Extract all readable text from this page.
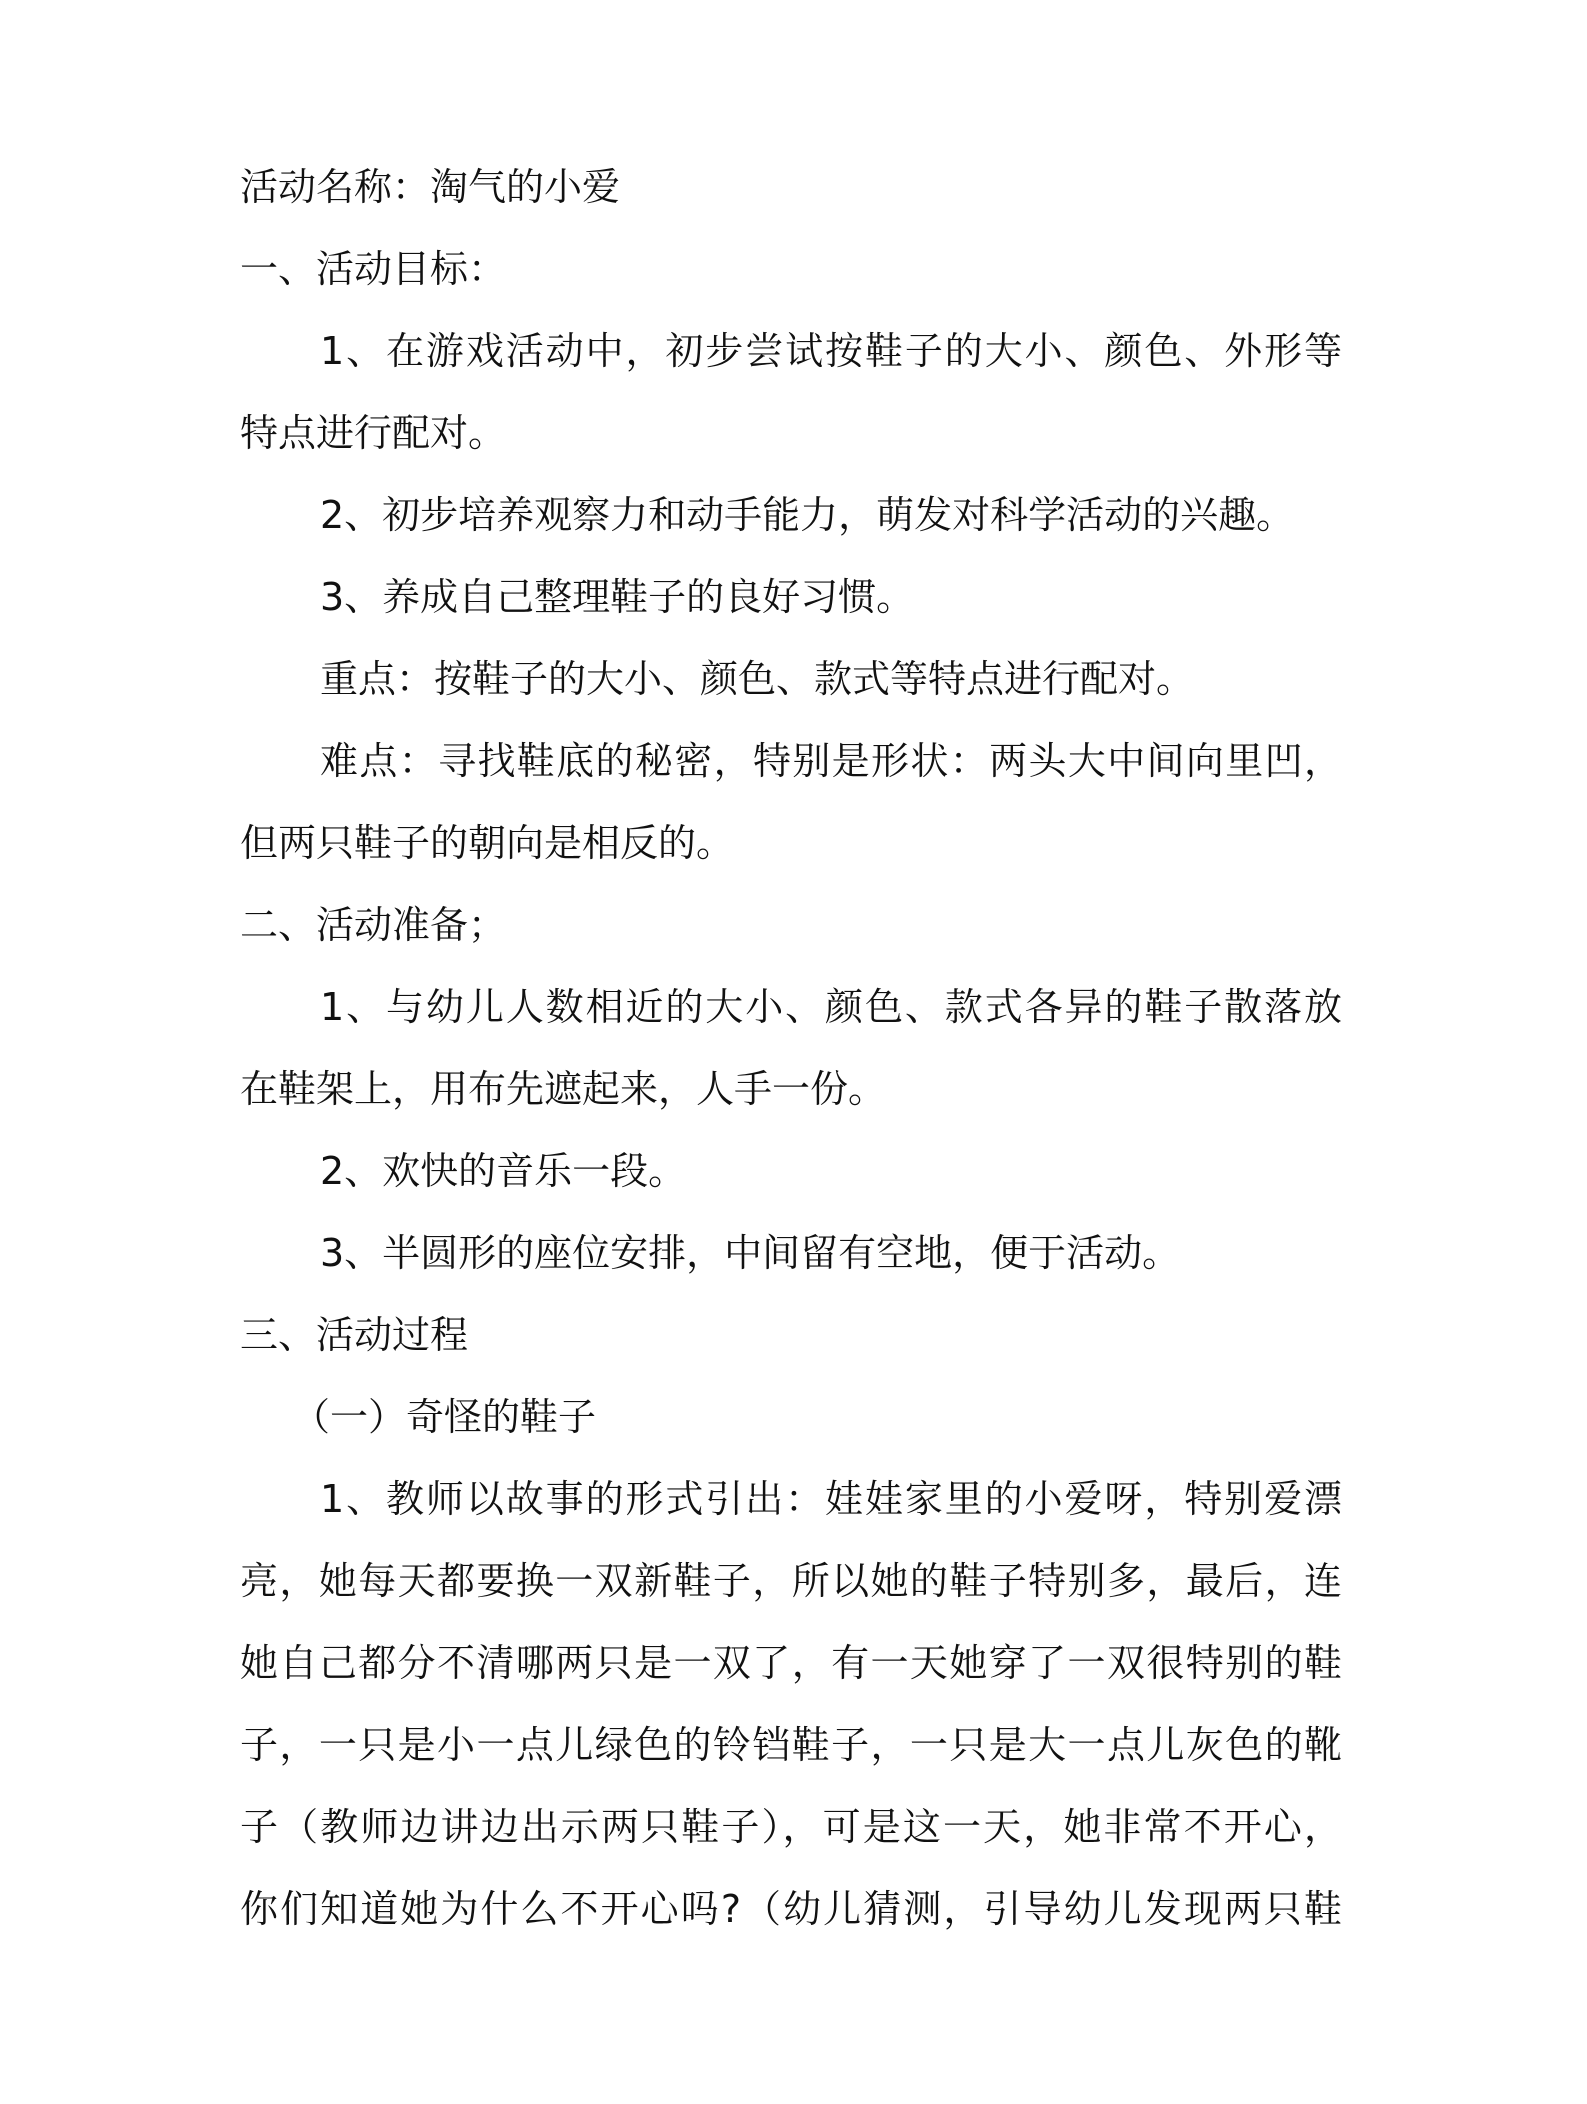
活动名称：淘气的小爱
一、活动目标：
1、在游戏活动中，初步尝试按鞋子的大小、颜色、外形等
特点进行配对。
2、初步培养观察力和动手能力，萌发对科学活动的兴趣。
3、养成自己整理鞋子的良好习惯。
重点：按鞋子的大小、颜色、款式等特点进行配对。
难点：寻找鞋底的秘密，特别是形状：两头大中间向里凹，
但两只鞋子的朝向是相反的。
二、活动准备；
1、与幼儿人数相近的大小、颜色、款式各异的鞋子散落放
在鞋架上，用布先遮起来，人手一份。
2、欢快的音乐一段。
3、半圆形的座位安排，中间留有空地，便于活动。
三、活动过程
（一）奇怪的鞋子
1、教师以故事的形式引出：娃娃家里的小爱呀，特别爱漂
亮，她每天都要换一双新鞋子，所以她的鞋子特别多，最后，连
她自己都分不清哪两只是一双了，有一天她穿了一双很特别的鞋
子，一只是小一点儿绿色的铃铛鞋子，一只是大一点儿灰色的靴
子（教师边讲边出示两只鞋子），可是这一天，她非常不开心，
你们知道她为什么不开心吗?（幼儿猜测，引导幼儿发现两只鞋
